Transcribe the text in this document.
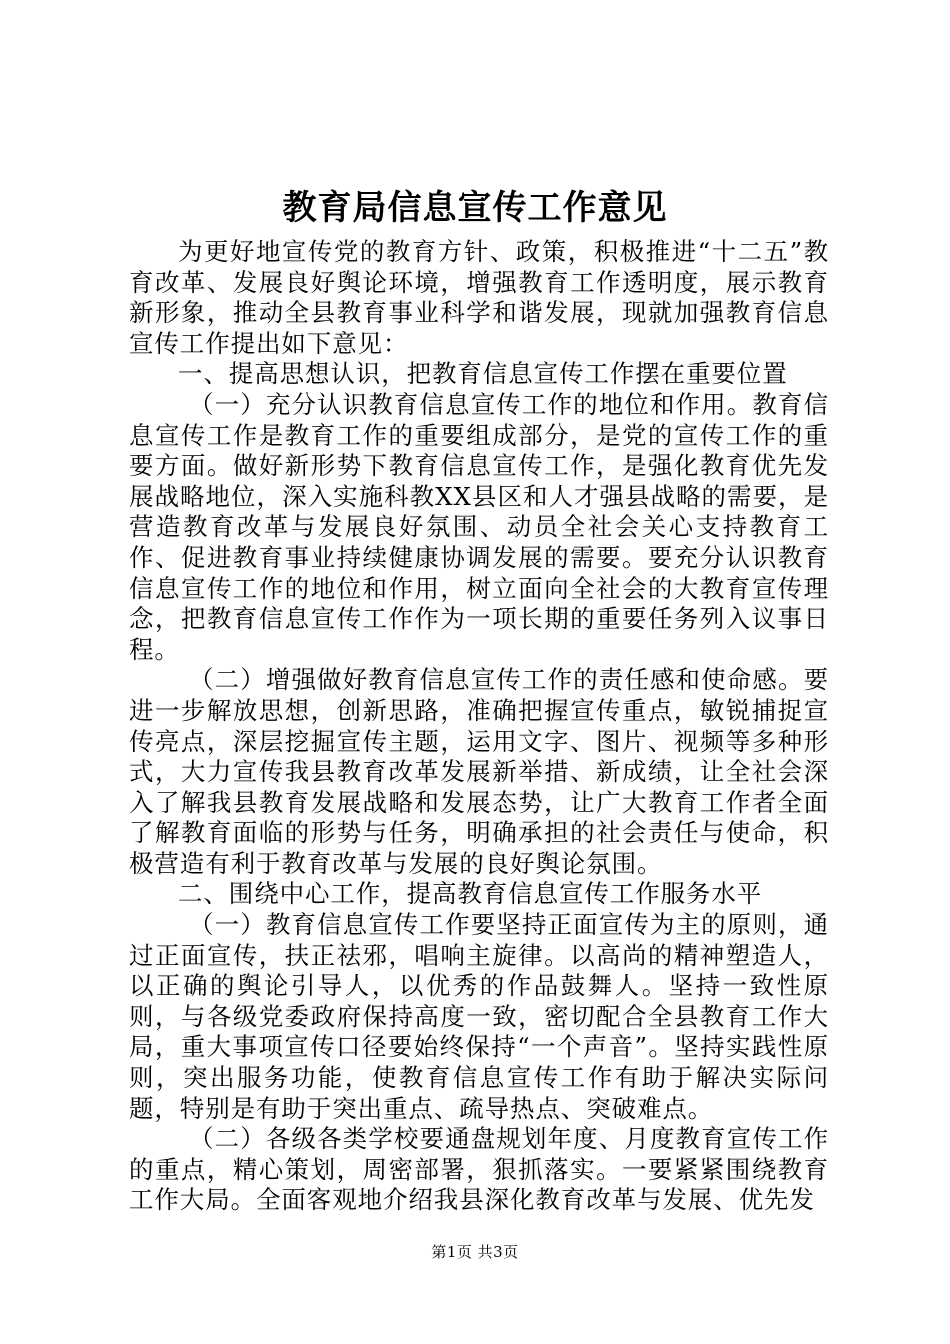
教育局信息宣传工作意见

为更好地宣传党的教育方针、政策，积极推进“十二五”教育改革、发展良好舆论环境，增强教育工作透明度，展示教育新形象，推动全县教育事业科学和谐发展，现就加强教育信息宣传工作提出如下意见：

一、提高思想认识，把教育信息宣传工作摆在重要位置

（一）充分认识教育信息宣传工作的地位和作用。教育信息宣传工作是教育工作的重要组成部分，是党的宣传工作的重要方面。做好新形势下教育信息宣传工作，是强化教育优先发展战略地位，深入实施科教XX县区和人才强县战略的需要，是营造教育改革与发展良好氛围、动员全社会关心支持教育工作、促进教育事业持续健康协调发展的需要。要充分认识教育信息宣传工作的地位和作用，树立面向全社会的大教育宣传理念，把教育信息宣传工作作为一项长期的重要任务列入议事日程。

（二）增强做好教育信息宣传工作的责任感和使命感。要进一步解放思想，创新思路，准确把握宣传重点，敏锐捕捉宣传亮点，深层挖掘宣传主题，运用文字、图片、视频等多种形式，大力宣传我县教育改革发展新举措、新成绩，让全社会深入了解我县教育发展战略和发展态势，让广大教育工作者全面了解教育面临的形势与任务，明确承担的社会责任与使命，积极营造有利于教育改革与发展的良好舆论氛围。

二、围绕中心工作，提高教育信息宣传工作服务水平

（一）教育信息宣传工作要坚持正面宣传为主的原则，通过正面宣传，扶正祛邪，唱响主旋律。以高尚的精神塑造人，以正确的舆论引导人，以优秀的作品鼓舞人。坚持一致性原则，与各级党委政府保持高度一致，密切配合全县教育工作大局，重大事项宣传口径要始终保持“一个声音”。坚持实践性原则，突出服务功能，使教育信息宣传工作有助于解决实际问题，特别是有助于突出重点、疏导热点、突破难点。

（二）各级各类学校要通盘规划年度、月度教育宣传工作的重点，精心策划，周密部署，狠抓落实。一要紧紧围绕教育工作大局。全面客观地介绍我县深化教育改革与发展、优先发

第1页 共3页
